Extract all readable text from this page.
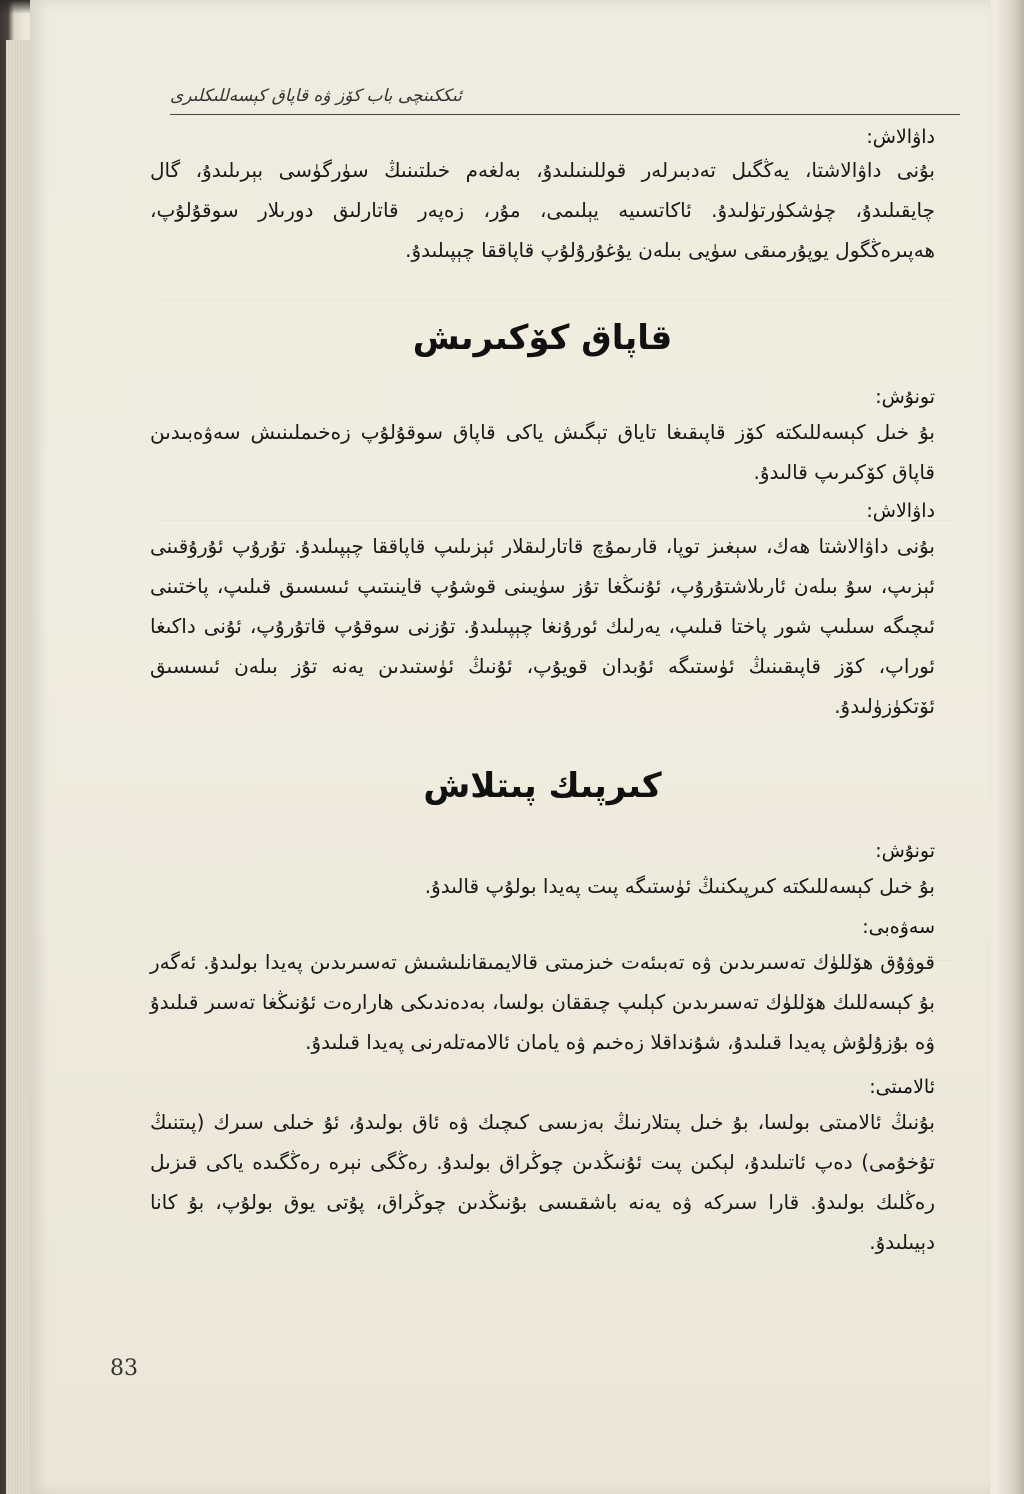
ئىككىنچى باب كۆز ۋە قاپاق كېسەللىكلىرى

داۋالاش:

بۇنى داۋالاشتا، يەڭگىل تەدبىرلەر قوللىنىلىدۇ، بەلغەم خىلتىنىڭ سۈرگۈسى بېرىلىدۇ، گال چايقىلىدۇ، چۈشكۈرتۈلىدۇ. ئاكاتسىيە يېلىمى، مۇر، زەپەر قاتارلىق دورىلار سوقۇلۇپ، ھەپىرەڭگول يوپۇرمىقى سۈيى بىلەن يۇغۇرۇلۇپ قاپاققا چېپىلىدۇ.

قاپاق كۆكىرىش

تونۇش:

بۇ خىل كېسەللىكتە كۆز قاپىقىغا تاياق تېگىش ياكى قاپاق سوقۇلۇپ زەخىملىنىش سەۋەبىدىن قاپاق كۆكىرىپ قالىدۇ.

داۋالاش:

بۇنى داۋالاشتا ھەك، سېغىز توپا، قارىمۇچ قاتارلىقلار ئېزىلىپ قاپاققا چېپىلىدۇ. تۇرۇپ ئۇرۇقىنى ئېزىپ، سۇ بىلەن ئارىلاشتۇرۇپ، ئۇنىڭغا تۇز سۈيىنى قوشۇپ قاينىتىپ ئىسسىق قىلىپ، پاختىنى ئىچىگە سىلىپ شور پاختا قىلىپ، يەرلىك ئورۇنغا چېپىلىدۇ. تۇزنى سوقۇپ قاتۇرۇپ، ئۇنى داكىغا ئوراپ، كۆز قاپىقىنىڭ ئۈستىگە ئۇبدان قويۇپ، ئۇنىڭ ئۈستىدىن يەنە تۇز بىلەن ئىسسىق ئۆتكۈزۈلىدۇ.

كىرپىك پىتلاش

تونۇش:

بۇ خىل كېسەللىكتە كىرپىكنىڭ ئۈستىگە پىت پەيدا بولۇپ قالىدۇ.

سەۋەبى:

قوۋۇق ھۆللۈك تەسىرىدىن ۋە تەبىئەت خىزمىتى قالايمىقانلىشىش تەسىرىدىن پەيدا بولىدۇ. ئەگەر بۇ كېسەللىك ھۆللۈك تەسىرىدىن كېلىپ چىققان بولسا، بەدەندىكى ھارارەت ئۇنىڭغا تەسىر قىلىدۇ ۋە بۇزۇلۇش پەيدا قىلىدۇ، شۇنداقلا زەخىم ۋە يامان ئالامەتلەرنى پەيدا قىلىدۇ.

ئالامىتى:

بۇنىڭ ئالامىتى بولسا، بۇ خىل پىتلارنىڭ بەزىسى كىچىك ۋە ئاق بولىدۇ، ئۇ خىلى سىرك (پىتنىڭ تۇخۇمى) دەپ ئاتىلىدۇ، لېكىن پىت ئۇنىڭدىن چوڭراق بولىدۇ. رەڭگى نېرە رەڭگىدە ياكى قىزىل رەڭلىك بولىدۇ. قارا سىركە ۋە يەنە باشقىسى بۇنىڭدىن چوڭراق، پۇتى يوق بولۇپ، بۇ كانا دېيىلىدۇ.

83
